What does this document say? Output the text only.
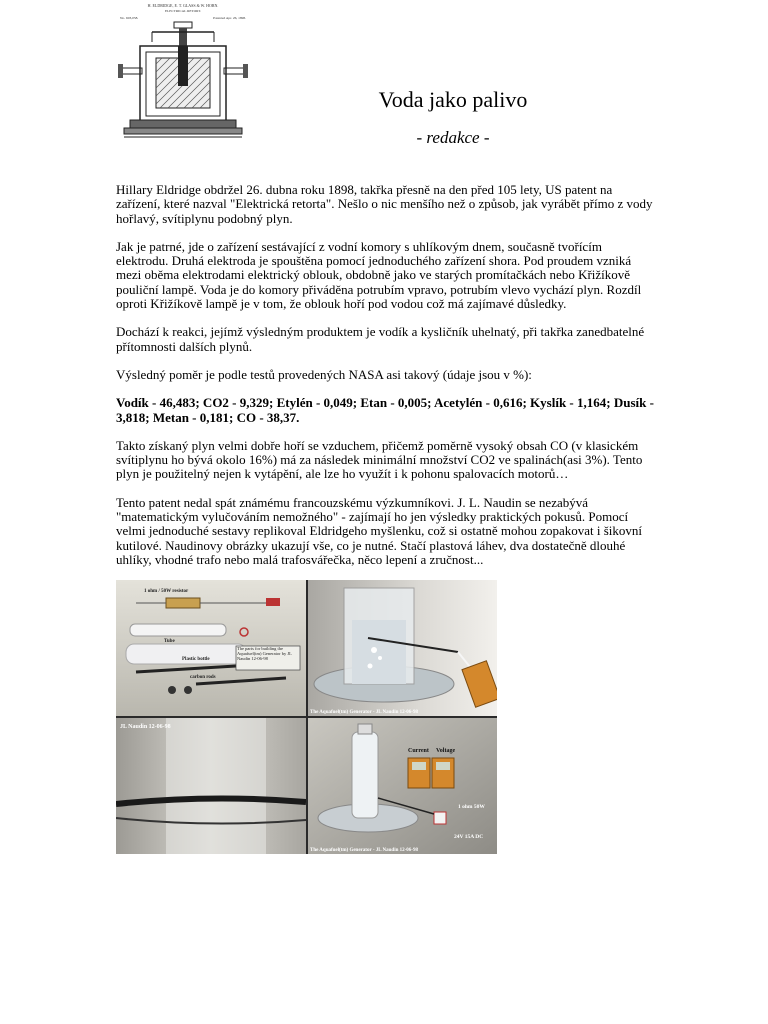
H. ELDRIDGE, E. T. GLASS & W. HORN.
ELECTRICAL RETORT.
No. 603,058.	Patented Apr. 26, 1898.
Voda jako palivo

- redakce -

Hillary Eldridge obdržel 26. dubna roku 1898, takřka přesně na den před 105 lety, US patent na zařízení, které nazval "Elektrická retorta". Nešlo o nic menšího než o způsob, jak vyrábět přímo z vody hořlavý, svítiplynu podobný plyn.

Jak je patrné, jde o zařízení sestávající z vodní komory s uhlíkovým dnem, současně tvořícím elektrodu. Druhá elektroda je spouštěna pomocí jednoduchého zařízení shora. Pod proudem vzniká mezi oběma elektrodami elektrický oblouk, obdobně jako ve starých promítačkách nebo Křižíkově pouliční lampě. Voda je do komory přiváděna potrubím vpravo, potrubím vlevo vychází plyn. Rozdíl oproti Křižíkově lampě je v tom, že oblouk hoří pod vodou což má zajímavé důsledky.

Dochází k reakci, jejímž výsledným produktem je vodík a kysličník uhelnatý, při takřka zanedbatelné přítomnosti dalších plynů.

Výsledný poměr je podle testů provedených NASA asi takový (údaje jsou v %):

Vodík - 46,483; CO2 - 9,329; Etylén - 0,049; Etan - 0,005; Acetylén - 0,616; Kyslík - 1,164; Dusík - 3,818; Metan - 0,181; CO - 38,37.

Takto získaný plyn velmi dobře hoří se vzduchem, přičemž poměrně vysoký obsah CO (v klasickém svítiplynu ho bývá okolo 16%) má za následek minimální množství CO2 ve spalinách(asi 3%). Tento plyn je použitelný nejen k vytápění, ale lze ho využít i k pohonu spalovacích motorů…

Tento patent nedal spát známému francouzskému výzkumníkovi. J. L. Naudin se nezabývá "matematickým vylučováním nemožného" - zajímají ho jen výsledky praktických pokusů. Pomocí velmi jednoduché sestavy replikoval Eldridgeho myšlenku, což si ostatně mohou zopakovat i šikovní kutilové. Naudinovy obrázky ukazují vše, co je nutné. Stačí plastová láhev, dva dostatečně dlouhé uhlíky, vhodné trafo nebo malá trafosvářečka, něco lepení a zručnost...

1 ohm / 50W resistor
Tube
Plastic bottle
carbon rods
The parts for building the Aquafuel(tm) Generator by JL Naudin 12-06-98
The Aquafuel(tm) Generator - JL Naudin 12-06-98
JL Naudin 12-06-98
Current Voltage
1 ohm 50W
24V 15A DC
The Aquafuel(tm) Generator - JL Naudin 12-06-98
